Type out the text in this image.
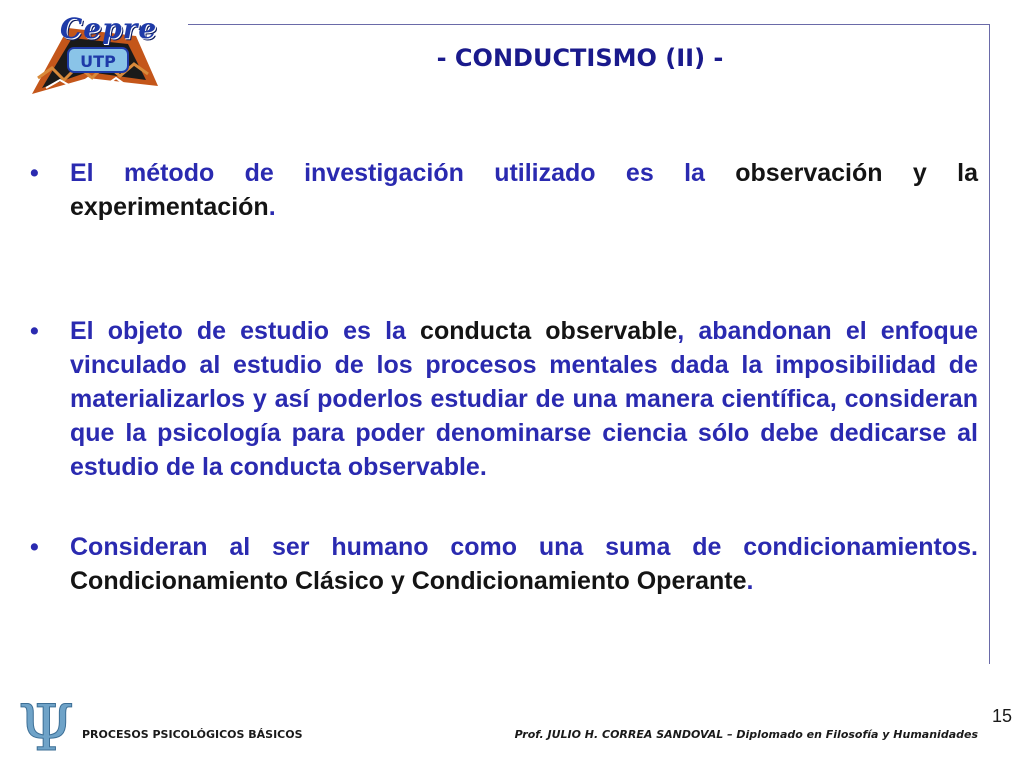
UTP
Cepre
- CONDUCTISMO (II) -
• El método de investigación utilizado es la observación y la experimentación.
• El objeto de estudio es la conducta observable, abandonan el enfoque vinculado al estudio de los procesos mentales dada la imposibilidad de materializarlos y así poderlos estudiar de una manera científica, consideran que la psicología para poder denominarse ciencia sólo debe dedicarse al estudio de la conducta observable.
• Consideran al ser humano como una suma de condicionamientos. Condicionamiento Clásico y Condicionamiento Operante.
Ψ PROCESOS PSICOLÓGICOS BÁSICOS	Prof. JULIO H. CORREA SANDOVAL – Diplomado en Filosofía y Humanidades
15
